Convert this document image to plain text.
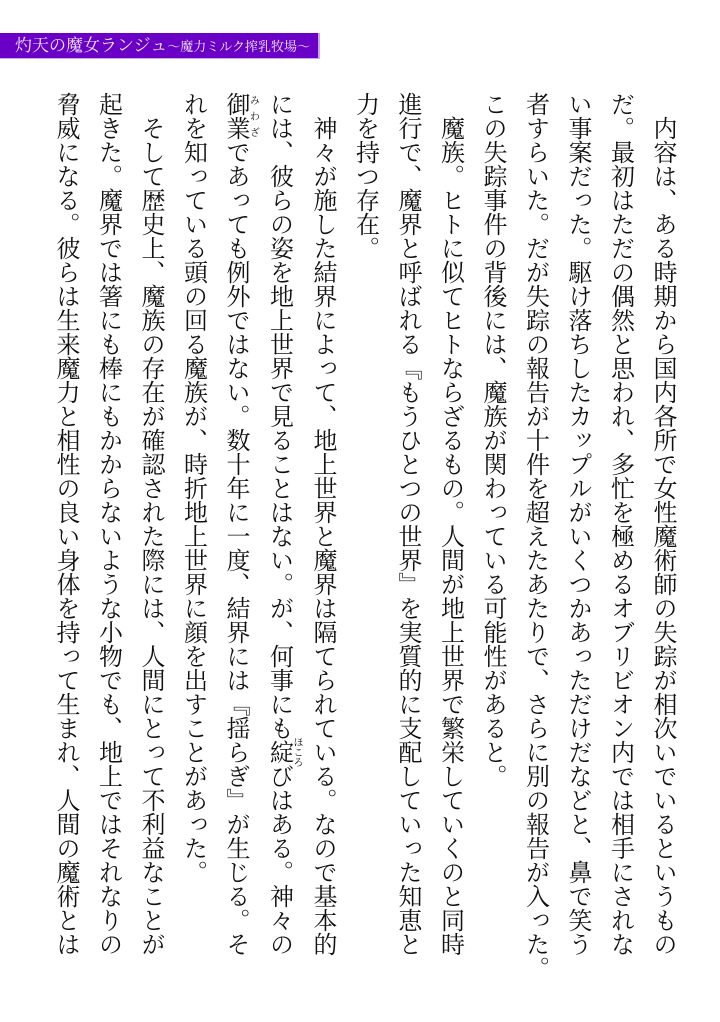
灼天の魔女ランジュ〜魔力ミルク搾乳牧場〜
　内容は、ある時期から国内各所で女性魔術師の失踪が相次いでいるというもの
だ。最初はただの偶然と思われ、多忙を極めるオブリビオン内では相手にされな
い事案だった。駆け落ちしたカップルがいくつかあっただけだなどと、鼻で笑う
者すらいた。だが失踪の報告が十件を超えたあたりで、さらに別の報告が入った。
この失踪事件の背後には、魔族が関わっている可能性があると。
　魔族。ヒトに似てヒトならざるもの。人間が地上世界で繁栄していくのと同時
進行で、魔界と呼ばれる『もうひとつの世界』を実質的に支配していった知恵と
力を持つ存在。
　神々が施した結界によって、地上世界と魔界は隔てられている。なので基本的
には、彼らの姿を地上世界で見ることはない。が、何事にも綻ほころびはある。神々の
御業みわざであっても例外ではない。数十年に一度、結界には『揺らぎ』が生じる。そ
れを知っている頭の回る魔族が、時折地上世界に顔を出すことがあった。
　そして歴史上、魔族の存在が確認された際には、人間にとって不利益なことが
起きた。魔界では箸にも棒にもかからないような小物でも、地上ではそれなりの
脅威になる。彼らは生来魔力と相性の良い身体を持って生まれ、人間の魔術とは
